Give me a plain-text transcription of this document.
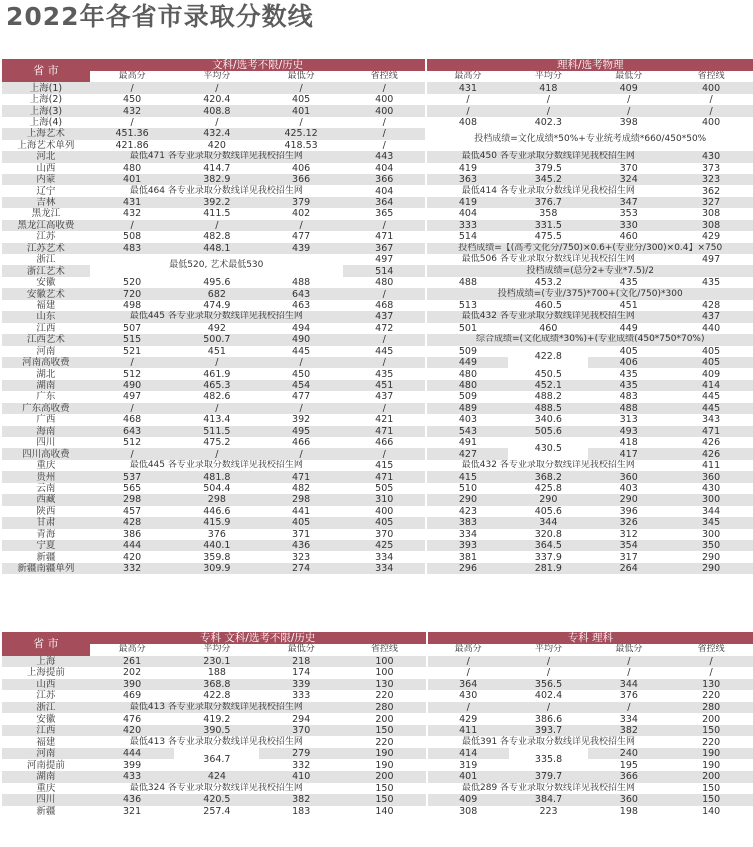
2022年各省市录取分数线
省 市	文科/选考不限/历史				理科/选考物理			
	最高分	平均分	最低分	省控线	最高分	平均分	最低分	省控线
上海(1)	/	/	/	/	431	418	409	400
上海(2)	450	420.4	405	400	/	/	/	/
上海(3)	432	408.8	401	400	/	/	/	/
上海(4)	/	/	/	/	408	402.3	398	400
上海艺术	451.36	432.4	425.12	/	投档成绩=文化成绩*50%+专业统考成绩*660/450*50%			
上海艺术单列	421.86	420	418.53	/				
河北	最低471 各专业录取分数线详见我校招生网			443	最低450 各专业录取分数线详见我校招生网			430
山西	480	414.7	406	404	419	379.5	370	373
内蒙	401	382.9	366	366	363	345.2	324	323
辽宁	最低464 各专业录取分数线详见我校招生网			404	最低414 各专业录取分数线详见我校招生网			362
吉林	431	392.2	379	364	419	376.7	347	327
黑龙江	432	411.5	402	365	404	358	353	308
黑龙江高收费	/	/	/	/	333	331.5	330	308
江苏	508	482.8	477	471	514	475.5	460	429
江苏艺术	483	448.1	439	367	投档成绩=【(高考文化分/750)×0.6+(专业分/300)×0.4】×750			
浙江	最低520, 艺术最低530			497	最低506 各专业录取分数线详见我校招生网			497
浙江艺术				514	投档成绩=(总分2+专业*7.5)/2			
安徽	520	495.6	488	480	488	453.2	435	435
安徽艺术	720	682	643	/	投档成绩=(专业/375)*700+(文化/750)*300			
福建	498	474.9	463	468	513	460.5	451	428
山东	最低445 各专业录取分数线详见我校招生网			437	最低432 各专业录取分数线详见我校招生网			437
江西	507	492	494	472	501	460	449	440
江西艺术	515	500.7	490	/	综合成绩=(文化成绩*30%)+(专业成绩(450*750*70%)			
河南	521	451	445	445	509	422.8	405	405
河南高收费	/	/	/	/	449		406	405
湖北	512	461.9	450	435	480	450.5	435	409
湖南	490	465.3	454	451	480	452.1	435	414
广东	497	482.6	477	437	509	488.2	483	445
广东高收费	/	/	/	/	489	488.5	488	445
广西	468	413.4	392	421	403	340.6	313	343
海南	643	511.5	495	471	543	505.6	493	471
四川	512	475.2	466	466	491	430.5	418	426
四川高收费	/	/	/	/	427		417	426
重庆	最低445 各专业录取分数线详见我校招生网			415	最低432 各专业录取分数线详见我校招生网			411
贵州	537	481.8	471	471	415	368.2	360	360
云南	565	504.4	482	505	510	425.8	403	430
西藏	298	298	298	310	290	290	290	300
陕西	457	446.6	441	400	423	405.6	396	344
甘肃	428	415.9	405	405	383	344	326	345
青海	386	376	371	370	334	320.8	312	300
宁夏	444	440.1	436	425	393	364.5	354	350
新疆	420	359.8	323	334	381	337.9	317	290
新疆南疆单列	332	309.9	274	334	296	281.9	264	290
省 市	专科 文科/选考不限/历史				专科 理科			
	最高分	平均分	最低分	省控线	最高分	平均分	最低分	省控线
上海	261	230.1	218	100	/	/	/	/
上海提前	202	188	174	100	/	/	/	/
山西	390	368.8	339	130	364	356.5	344	130
江苏	469	422.8	333	220	430	402.4	376	220
浙江	最低413 各专业录取分数线详见我校招生网			280	/	/	/	280
安徽	476	419.2	294	200	429	386.6	334	200
江西	420	390.5	370	150	411	393.7	382	150
福建	最低413 各专业录取分数线详见我校招生网			220	最低391 各专业录取分数线详见我校招生网			220
河南	444	364.7	279	190	414	335.8	240	190
河南提前	399		332	190	319		195	190
湖南	433	424	410	200	401	379.7	366	200
重庆	最低324 各专业录取分数线详见我校招生网			150	最低289 各专业录取分数线详见我校招生网			150
四川	436	420.5	382	150	409	384.7	360	150
新疆	321	257.4	183	140	308	223	198	140
